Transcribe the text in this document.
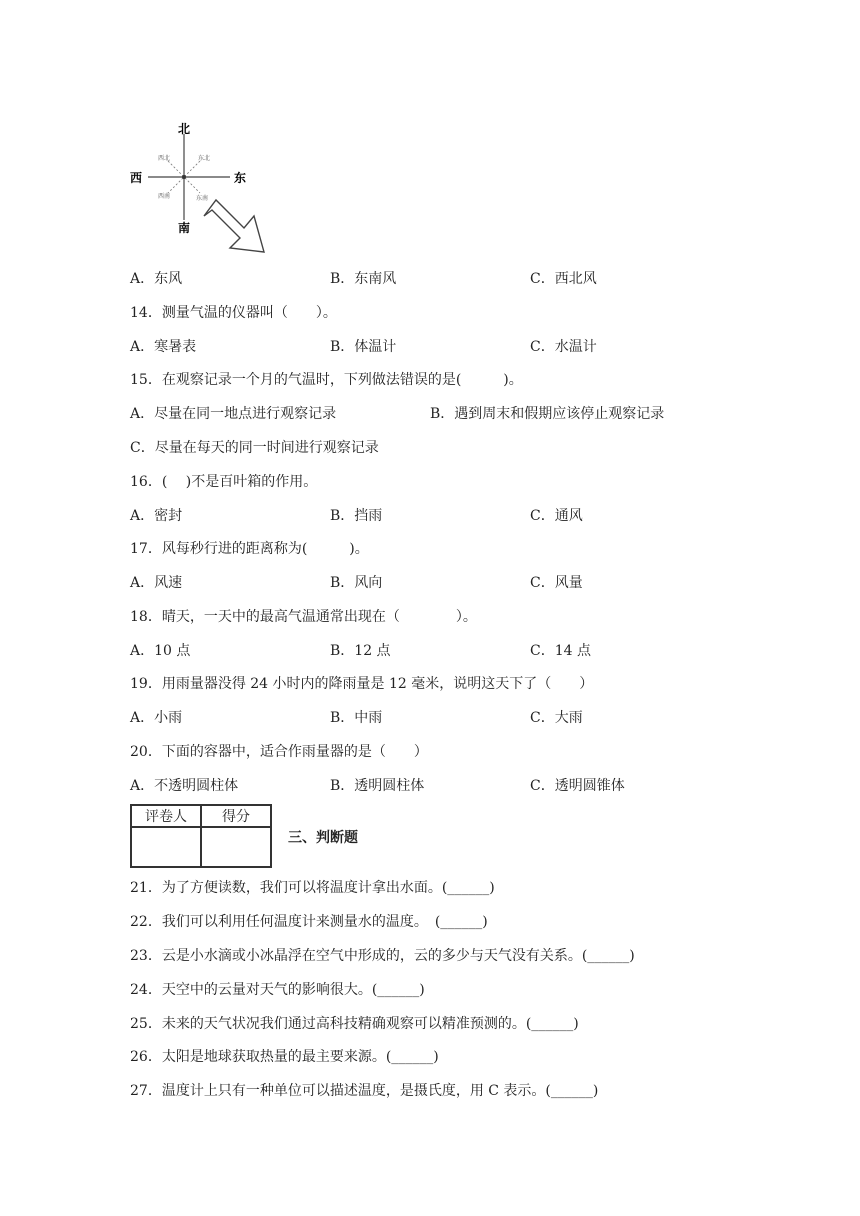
北
南
西	东
西北	东北
西南	东南
A．东风	B．东南风	C．西北风
14．测量气温的仪器叫（　　）。
A．寒暑表	B．体温计	C．水温计
15．在观察记录一个月的气温时，下列做法错误的是(　　　)。
A．尽量在同一地点进行观察记录	B．遇到周末和假期应该停止观察记录
C．尽量在每天的同一时间进行观察记录
16．(　 )不是百叶箱的作用。
A．密封	B．挡雨	C．通风
17．风每秒行进的距离称为(　　　)。
A．风速	B．风向	C．风量
18．晴天，一天中的最高气温通常出现在（　　　　）。
A．10 点	B．12 点	C．14 点
19．用雨量器没得 24 小时内的降雨量是 12 毫米，说明这天下了（　　）
A．小雨	B．中雨	C．大雨
20．下面的容器中，适合作雨量器的是（　　）
A．不透明圆柱体	B．透明圆柱体	C．透明圆锥体
评卷人	得分

三、判断题
21．为了方便读数，我们可以将温度计拿出水面。(______)
22．我们可以利用任何温度计来测量水的温度。　(______)
23．云是小水滴或小冰晶浮在空气中形成的，云的多少与天气没有关系。(______)
24．天空中的云量对天气的影响很大。(______)
25．未来的天气状况我们通过高科技精确观察可以精准预测的。(______)
26．太阳是地球获取热量的最主要来源。(______)
27．温度计上只有一种单位可以描述温度，是摄氏度，用 C 表示。(______)
